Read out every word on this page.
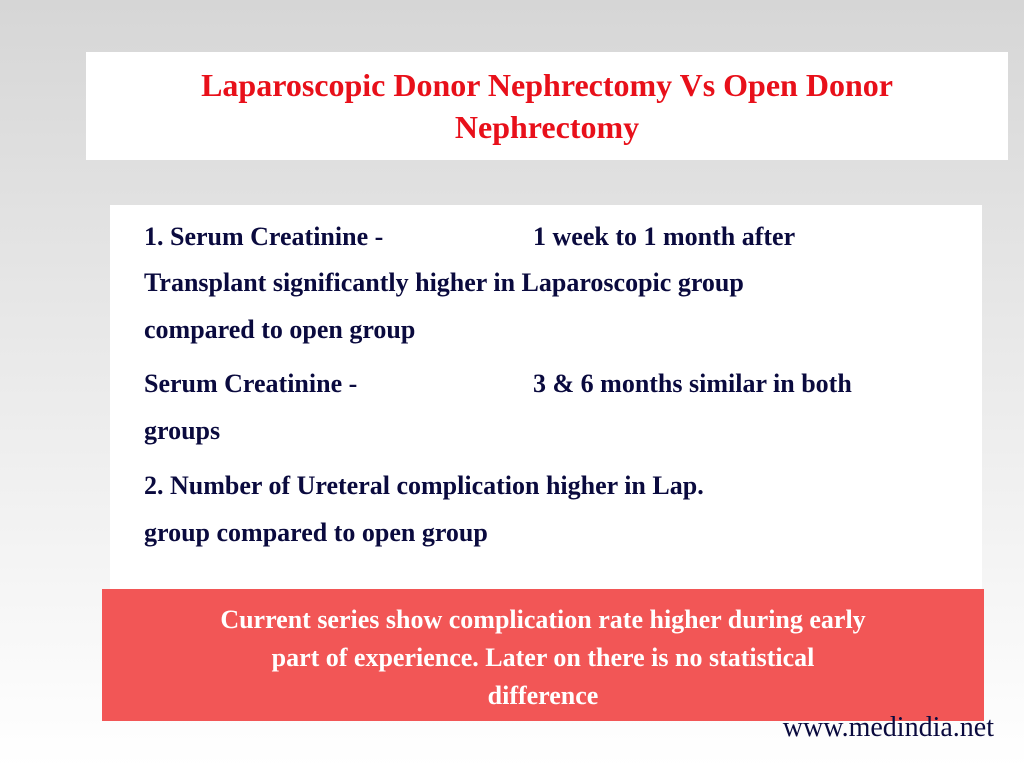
Laparoscopic Donor Nephrectomy Vs Open Donor

Nephrectomy

1. Serum Creatinine -	1 week to 1 month after
Transplant significantly higher in Laparoscopic group
compared to open group
Serum Creatinine -	3 & 6 months similar in both
groups
2. Number of Ureteral complication higher in Lap.
group compared to open group

Current series show complication rate higher during early

part of experience. Later on there is no statistical

difference

www.medindia.net
